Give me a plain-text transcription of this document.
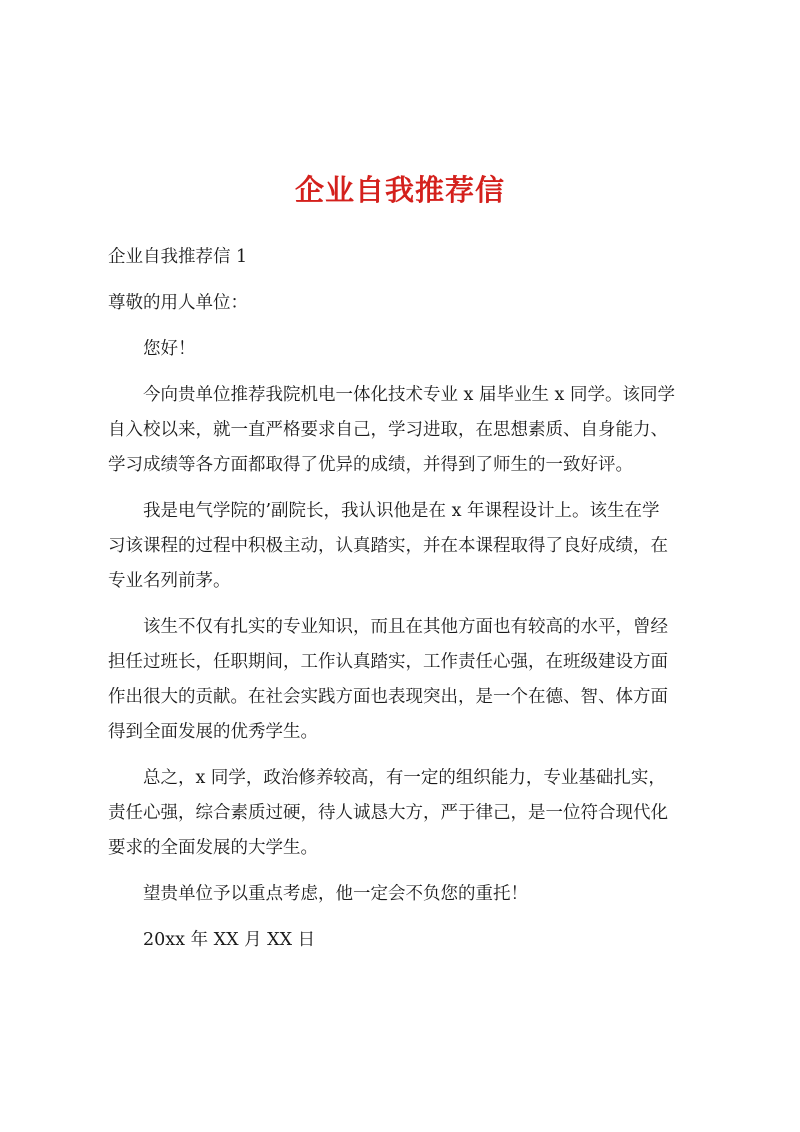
企业自我推荐信

企业自我推荐信 1

尊敬的用人单位：

您好！

今向贵单位推荐我院机电一体化技术专业 x 届毕业生 x 同学。该同学
自入校以来，就一直严格要求自己，学习进取，在思想素质、自身能力、
学习成绩等各方面都取得了优异的成绩，并得到了师生的一致好评。

我是电气学院的’副院长，我认识他是在 x 年课程设计上。该生在学
习该课程的过程中积极主动，认真踏实，并在本课程取得了良好成绩，在
专业名列前茅。

该生不仅有扎实的专业知识，而且在其他方面也有较高的水平，曾经
担任过班长，任职期间，工作认真踏实，工作责任心强，在班级建设方面
作出很大的贡献。在社会实践方面也表现突出，是一个在德、智、体方面
得到全面发展的优秀学生。

总之，x 同学，政治修养较高，有一定的组织能力，专业基础扎实，
责任心强，综合素质过硬，待人诚恳大方，严于律己，是一位符合现代化
要求的全面发展的大学生。

望贵单位予以重点考虑，他一定会不负您的重托！

20xx 年 XX 月 XX 日
